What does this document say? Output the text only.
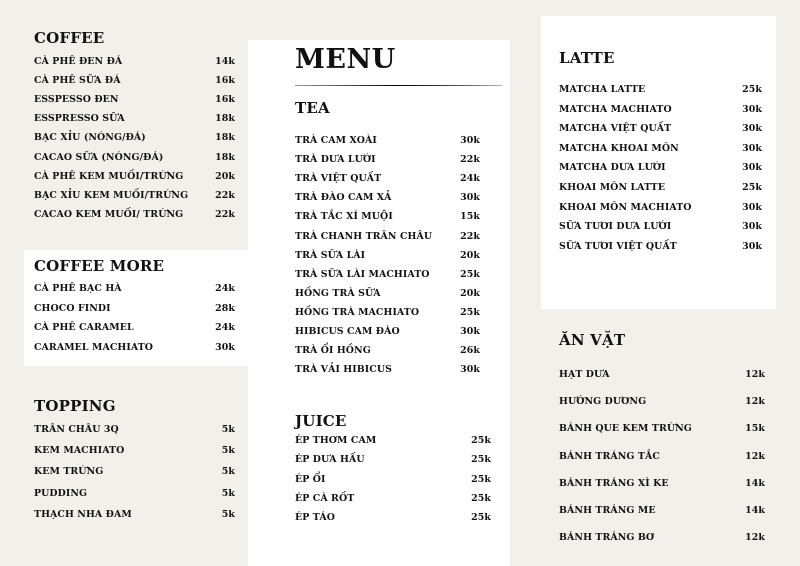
MENU
COFFEE
CÀ PHÊ ĐEN ĐÁ	14k
CÀ PHÊ SỮA ĐÁ	16k
ESSPESSO ĐEN	16k
ESSPRESSO SỮA	18k
BẠC XỈU (NÓNG/ĐÁ)	18k
CACAO SỮA (NÓNG/ĐÁ)	18k
CÀ PHÊ KEM MUỐI/TRỨNG	20k
BẠC XỈU KEM MUỐI/TRỨNG	22k
CACAO KEM MUỐI/ TRỨNG	22k
COFFEE MORE
CÀ PHÊ BẠC HÀ	24k
CHOCO FINDI	28k
CÀ PHÊ CARAMEL	24k
CARAMEL MACHIATO	30k
TOPPING
TRÂN CHÂU 3Q	5k
KEM MACHIATO	5k
KEM TRỨNG	5k
PUDDING	5k
THẠCH NHA ĐAM	5k
TEA
TRÀ CAM XOÀI	30k
TRÀ DƯA LƯỚI	22k
TRÀ VIỆT QUẤT	24k
TRÀ ĐÀO CAM XẢ	30k
TRÀ TẮC XÍ MUỘI	15k
TRÀ CHANH TRÂN CHÂU	22k
TRÀ SỮA LÀI	20k
TRÀ SỮA LÀI MACHIATO	25k
HỒNG TRÀ SỮA	20k
HỒNG TRÀ MACHIATO	25k
HIBICUS CAM ĐÀO	30k
TRÀ ỔI HỒNG	26k
TRÀ VẢI HIBICUS	30k
JUICE
ÉP THƠM CAM	25k
ÉP DƯA HẤU	25k
ÉP ỔI	25k
ÉP CÀ RỐT	25k
ÉP TÁO	25k
LATTE
MATCHA LATTE	25k
MATCHA MACHIATO	30k
MATCHA VIỆT QUẤT	30k
MATCHA KHOAI MÔN	30k
MATCHA DƯA LƯỚI	30k
KHOAI MÔN LATTE	25k
KHOAI MÔN MACHIATO	30k
SỮA TƯƠI DƯA LƯỚI	30k
SỮA TƯƠI VIỆT QUẤT	30k
ĂN VẶT
HẠT DƯA	12k
HƯỚNG DƯƠNG	12k
BÁNH QUE KEM TRỨNG	15k
BÁNH TRÁNG TẮC	12k
BÁNH TRÁNG XÌ KE	14k
BÁNH TRÁNG ME	14k
BÁNH TRÁNG BƠ	12k
